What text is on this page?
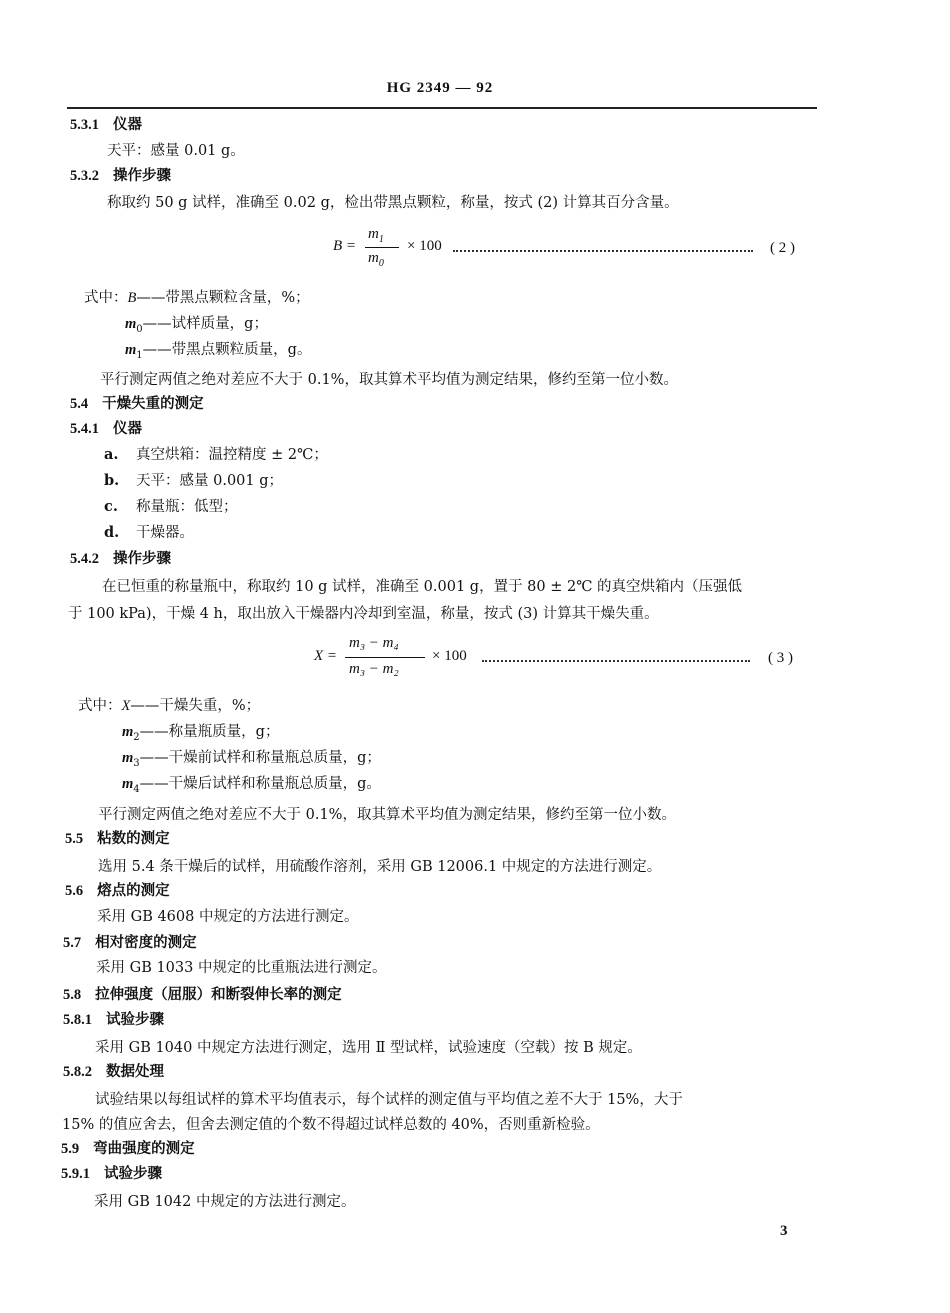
HG 2349 — 92
5.3.1 仪器
天平：感量 0.01 g。
5.3.2 操作步骤
称取约 50 g 试样，准确至 0.02 g，检出带黑点颗粒，称量，按式 (2) 计算其百分含量。
B =
$m_1$
$m_0$
× 100	( 2 )
式中：B——带黑点颗粒含量，%；
$m_0——$试样质量，g；
$m_1——$带黑点颗粒质量，g。
平行测定两值之绝对差应不大于 0.1%，取其算术平均值为测定结果，修约至第一位小数。
5.4 干燥失重的测定
5.4.1 仪器
a. 真空烘箱：温控精度 ± 2℃；
b. 天平：感量 0.001 g；
c. 称量瓶：低型；
d. 干燥器。
5.4.2 操作步骤
在已恒重的称量瓶中，称取约 10 g 试样，准确至 0.001 g，置于 80 ± 2℃ 的真空烘箱内（压强低
于 100 kPa)，干燥 4 h，取出放入干燥器内冷却到室温，称量，按式 (3) 计算其干燥失重。
X =
m₃ − m₄
m₃ − m₂
× 100	( 3 )
式中：X——干燥失重，%；
$m_2——$称量瓶质量，g；
$m_3——$干燥前试样和称量瓶总质量，g；
$m_4——$干燥后试样和称量瓶总质量，g。
平行测定两值之绝对差应不大于 0.1%，取其算术平均值为测定结果，修约至第一位小数。
5.5 粘数的测定
选用 5.4 条干燥后的试样，用硫酸作溶剂，采用 GB 12006.1 中规定的方法进行测定。
5.6 熔点的测定
采用 GB 4608 中规定的方法进行测定。
5.7 相对密度的测定
采用 GB 1033 中规定的比重瓶法进行测定。
5.8 拉伸强度（屈服）和断裂伸长率的测定
5.8.1 试验步骤
采用 GB 1040 中规定方法进行测定，选用 Ⅱ 型试样，试验速度（空载）按 B 规定。
5.8.2 数据处理
试验结果以每组试样的算术平均值表示，每个试样的测定值与平均值之差不大于 15%，大于
15% 的值应舍去，但舍去测定值的个数不得超过试样总数的 40%，否则重新检验。
5.9 弯曲强度的测定
5.9.1 试验步骤
采用 GB 1042 中规定的方法进行测定。
3
